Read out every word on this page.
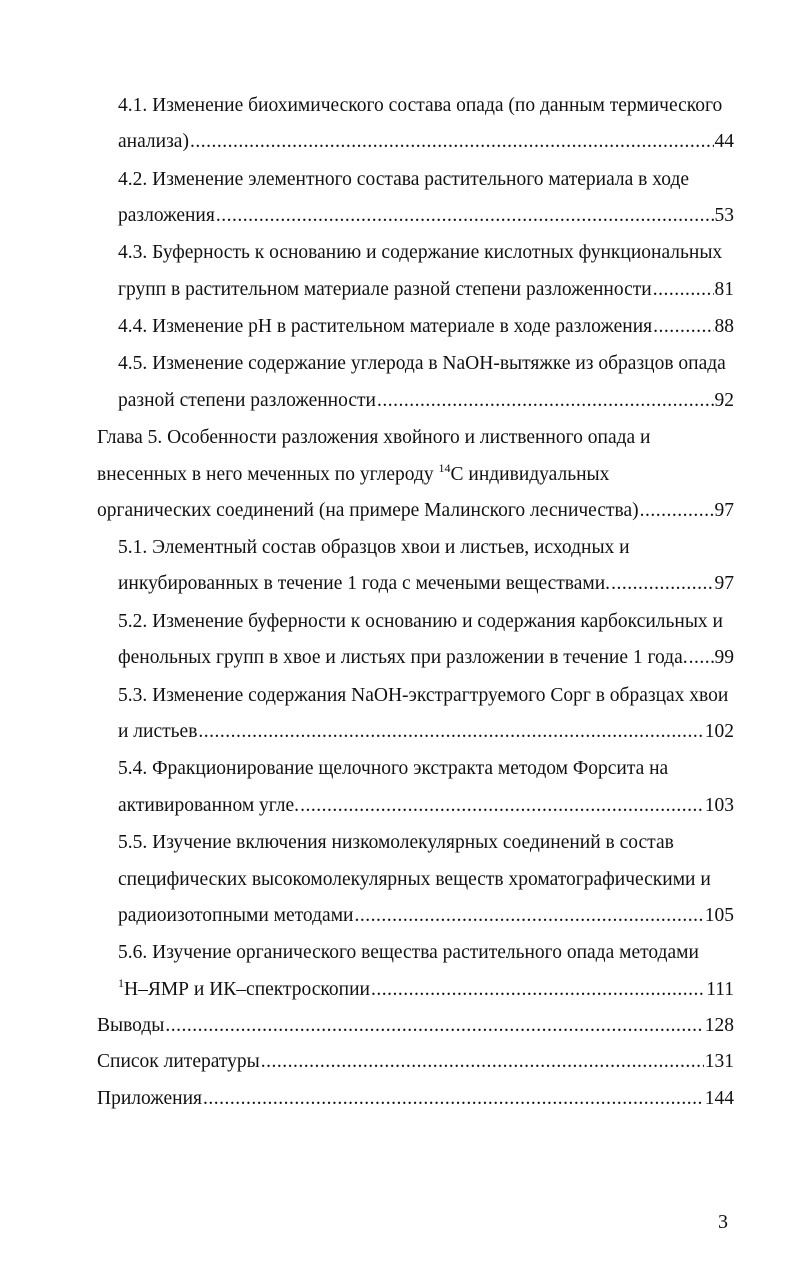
4.1. Изменение биохимического состава опада (по данным термического
анализа) .....	44
4.2. Изменение элементного состава растительного материала в ходе
разложения .....	53
4.3. Буферность к основанию и содержание кислотных функциональных
групп в растительном материале разной степени разложенности .....	81
4.4. Изменение pH в растительном материале в ходе разложения .....	88
4.5. Изменение содержание углерода в NaOH-вытяжке из образцов опада
разной степени разложенности .....	92
Глава 5. Особенности разложения хвойного и лиственного опада и
внесенных в него меченных по углероду $^{14}$C индивидуальных
органических соединений (на примере Малинского лесничества) .....	97
5.1. Элементный состав образцов хвои и листьев, исходных и
инкубированных в течение 1 года с мечеными веществами. .....	97
5.2. Изменение буферности к основанию и содержания карбоксильных и
фенольных групп в хвое и листьях при разложении в течение 1 года. ..... 99
5.3. Изменение содержания NaOH-экстрагтруемого Сорг в образцах хвои
и листьев .....	102
5.4. Фракционирование щелочного экстракта методом Форсита на
активированном угле. .....	103
5.5. Изучение включения низкомолекулярных соединений в состав
специфических высокомолекулярных веществ хроматографическими и
радиоизотопными методами .....	105
5.6. Изучение органического вещества растительного опада методами
$^1$Н–ЯМР и ИК–спектроскопии .....	111
Выводы .....	128
Список литературы .....	131
Приложения .....	144
3
